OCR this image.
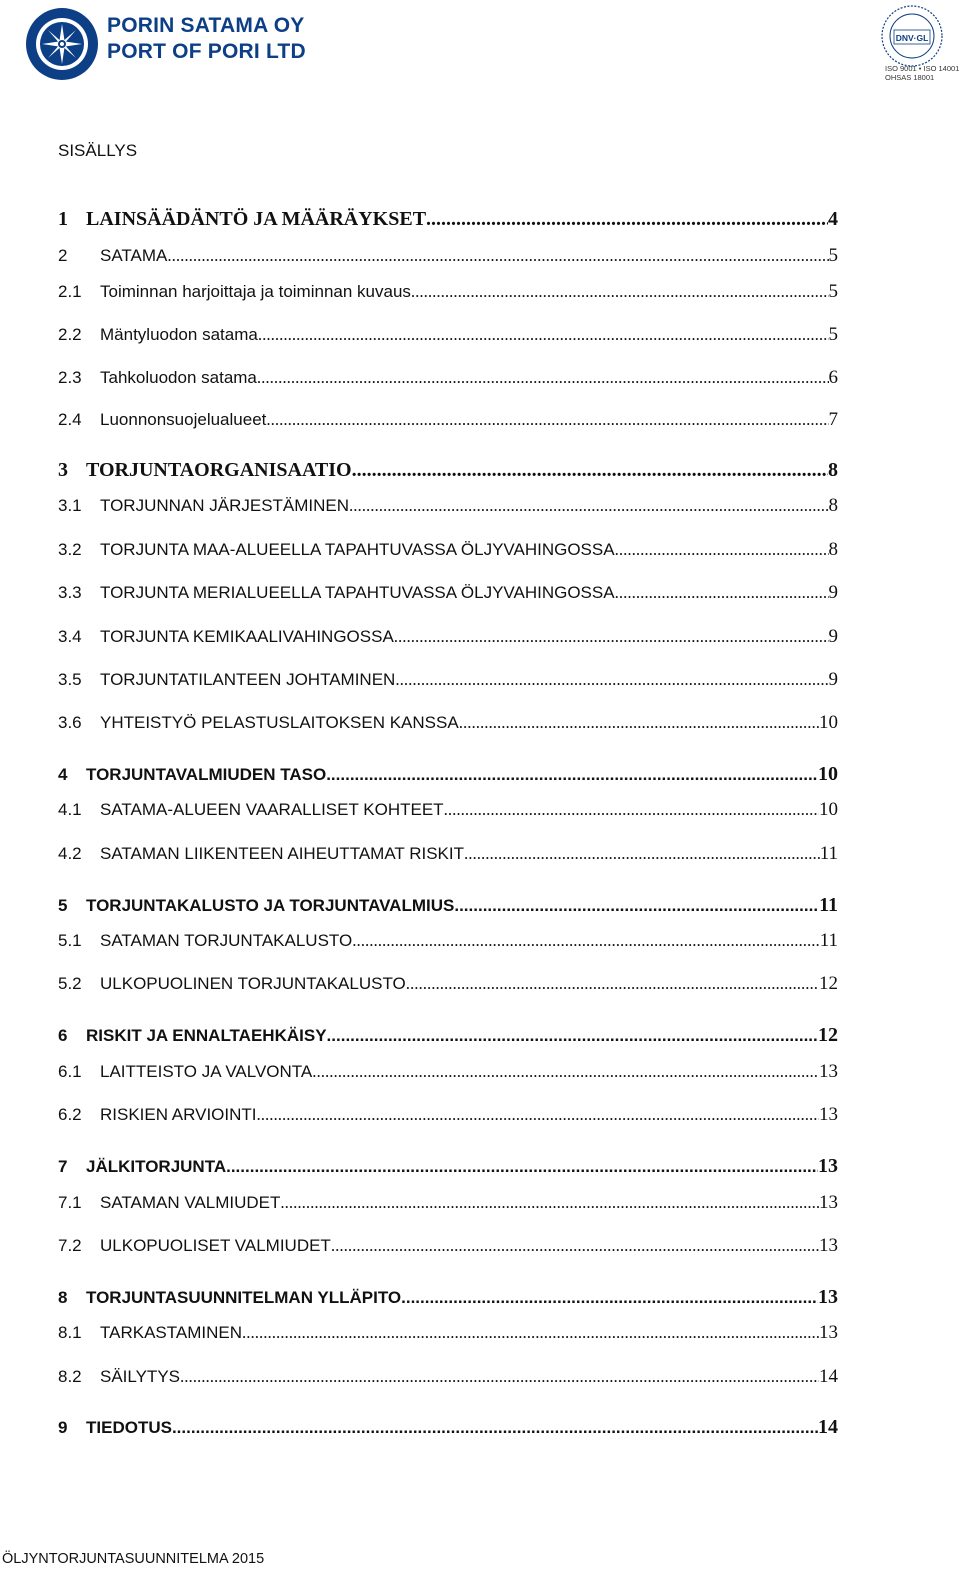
PORIN SATAMA OY
PORT OF PORI LTD
DNV·GL
ISO 9001 • ISO 14001
OHSAS 18001
SISÄLLYS
1 LAINSÄÄDÄNTÖ JA MÄÄRÄYKSET .....	4
2	SATAMA .....	5
2.1	Toiminnan harjoittaja ja toiminnan kuvaus .....	5
2.2	Mäntyluodon satama .....	5
2.3	Tahkoluodon satama .....	6
2.4	Luonnonsuojelualueet .....	7
3 TORJUNTAORGANISAATIO .....	8
3.1	TORJUNNAN JÄRJESTÄMINEN .....	8
3.2	TORJUNTA MAA-ALUEELLA TAPAHTUVASSA ÖLJYVAHINGOSSA .....	8
3.3	TORJUNTA MERIALUEELLA TAPAHTUVASSA ÖLJYVAHINGOSSA .....	9
3.4	TORJUNTA KEMIKAALIVAHINGOSSA .....	9
3.5	TORJUNTATILANTEEN JOHTAMINEN .....	9
3.6	YHTEISTYÖ PELASTUSLAITOKSEN KANSSA .....	10
4	TORJUNTAVALMIUDEN TASO .....	10
4.1	SATAMA-ALUEEN VAARALLISET KOHTEET .....	10
4.2	SATAMAN LIIKENTEEN AIHEUTTAMAT RISKIT .....	11
5	TORJUNTAKALUSTO JA TORJUNTAVALMIUS .....	11
5.1	SATAMAN TORJUNTAKALUSTO .....	11
5.2	ULKOPUOLINEN TORJUNTAKALUSTO .....	12
6	RISKIT JA ENNALTAEHKÄISY .....	12
6.1	LAITTEISTO JA VALVONTA .....	13
6.2	RISKIEN ARVIOINTI .....	13
7	JÄLKITORJUNTA .....	13
7.1	SATAMAN VALMIUDET .....	13
7.2	ULKOPUOLISET VALMIUDET .....	13
8	TORJUNTASUUNNITELMAN YLLÄPITO .....	13
8.1	TARKASTAMINEN .....	13
8.2	SÄILYTYS .....	14
9	TIEDOTUS .....	14
ÖLJYNTORJUNTASUUNNITELMA 2015
